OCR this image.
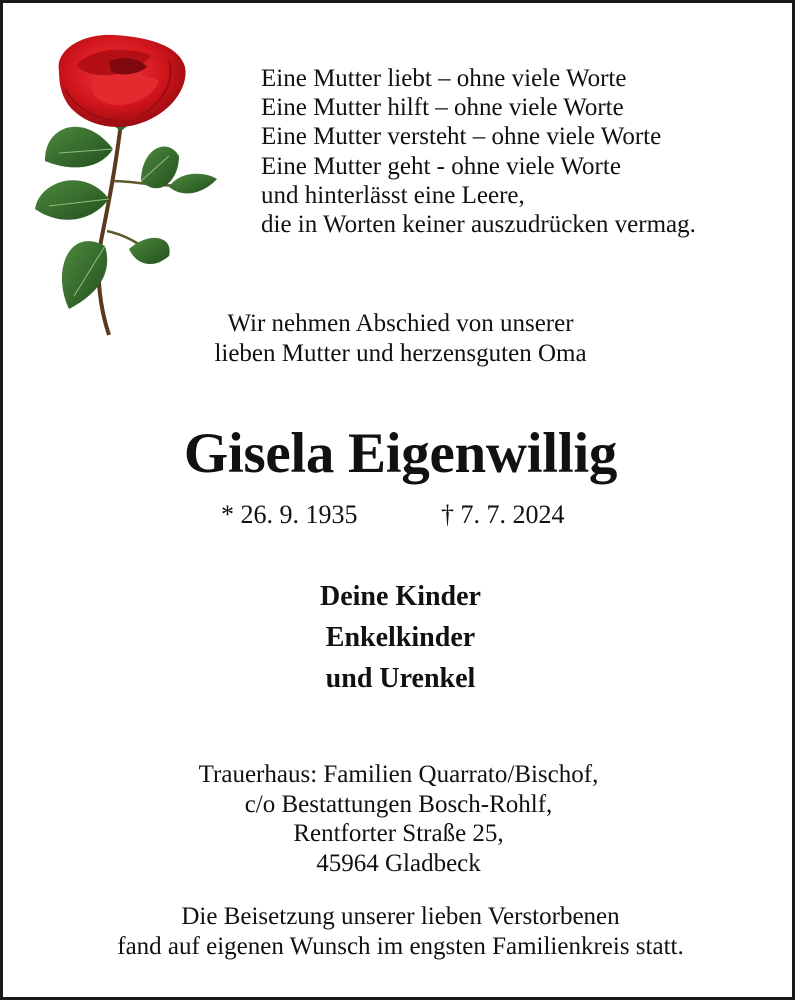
Eine Mutter liebt – ohne viele Worte
Eine Mutter hilft – ohne viele Worte
Eine Mutter versteht – ohne viele Worte
Eine Mutter geht - ohne viele Worte
und hinterlässt eine Leere,
die in Worten keiner auszudrücken vermag.
Wir nehmen Abschied von unserer
lieben Mutter und herzensguten Oma
Gisela Eigenwillig
* 26. 9. 1935	† 7. 7. 2024
Deine Kinder
Enkelkinder
und Urenkel
Trauerhaus: Familien Quarrato/Bischof,
c/o Bestattungen Bosch-Rohlf,
Rentforter Straße 25,
45964 Gladbeck
Die Beisetzung unserer lieben Verstorbenen
fand auf eigenen Wunsch im engsten Familienkreis statt.
